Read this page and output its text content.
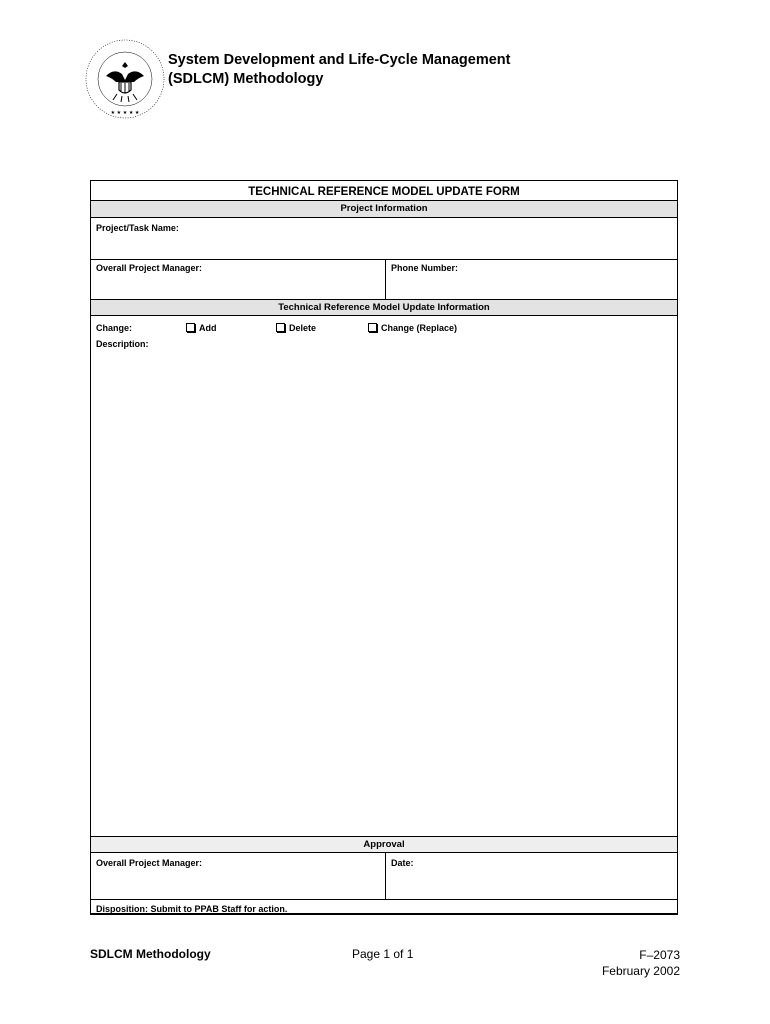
★ ★ ★ ★ ★
System Development and Life-Cycle Management
(SDLCM) Methodology
TECHNICAL REFERENCE MODEL UPDATE FORM
Project Information
Project/Task Name:
Overall Project Manager:	Phone Number:
Technical Reference Model Update Information
Change:	Add	Delete	Change (Replace)
Description:
Approval
Overall Project Manager:	Date:
Disposition: Submit to PPAB Staff for action.
SDLCM Methodology	Page 1 of 1	F–2073
February 2002
